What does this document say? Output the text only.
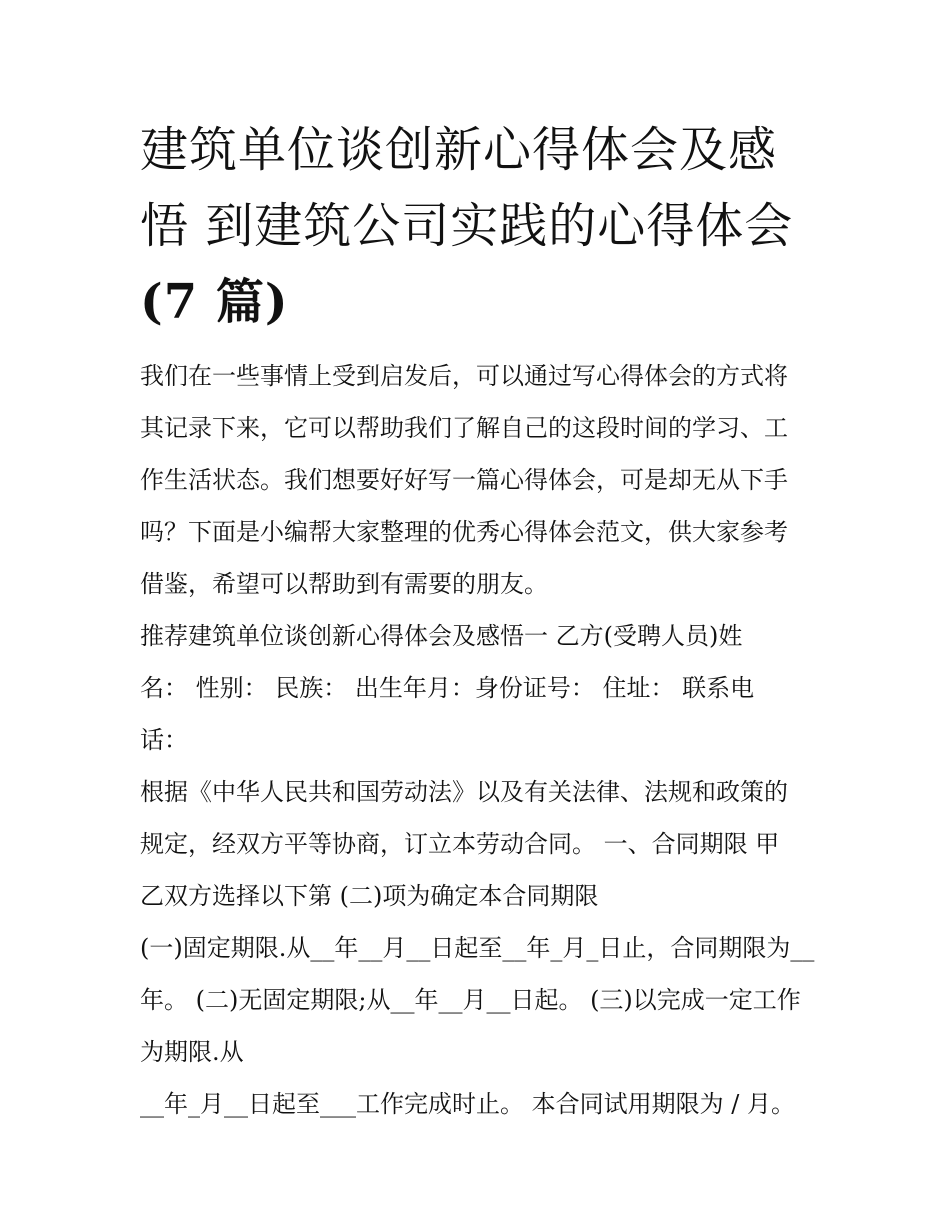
建筑单位谈创新心得体会及感
悟 到建筑公司实践的心得体会
(7 篇)
我们在一些事情上受到启发后，可以通过写心得体会的方式将
其记录下来，它可以帮助我们了解自己的这段时间的学习、工
作生活状态。我们想要好好写一篇心得体会，可是却无从下手
吗？下面是小编帮大家整理的优秀心得体会范文，供大家参考
借鉴，希望可以帮助到有需要的朋友。
推荐建筑单位谈创新心得体会及感悟一 乙方(受聘人员)姓
名： 性别： 民族： 出生年月：身份证号： 住址： 联系电
话：
根据《中华人民共和国劳动法》以及有关法律、法规和政策的
规定，经双方平等协商，订立本劳动合同。 一、合同期限 甲
乙双方选择以下第 (二)项为确定本合同期限
(一)固定期限.从__年__月__日起至__年_月_日止，合同期限为__
年。 (二)无固定期限;从__年__月__日起。 (三)以完成一定工作
为期限.从
__年_月__日起至___工作完成时止。 本合同试用期限为 / 月。
